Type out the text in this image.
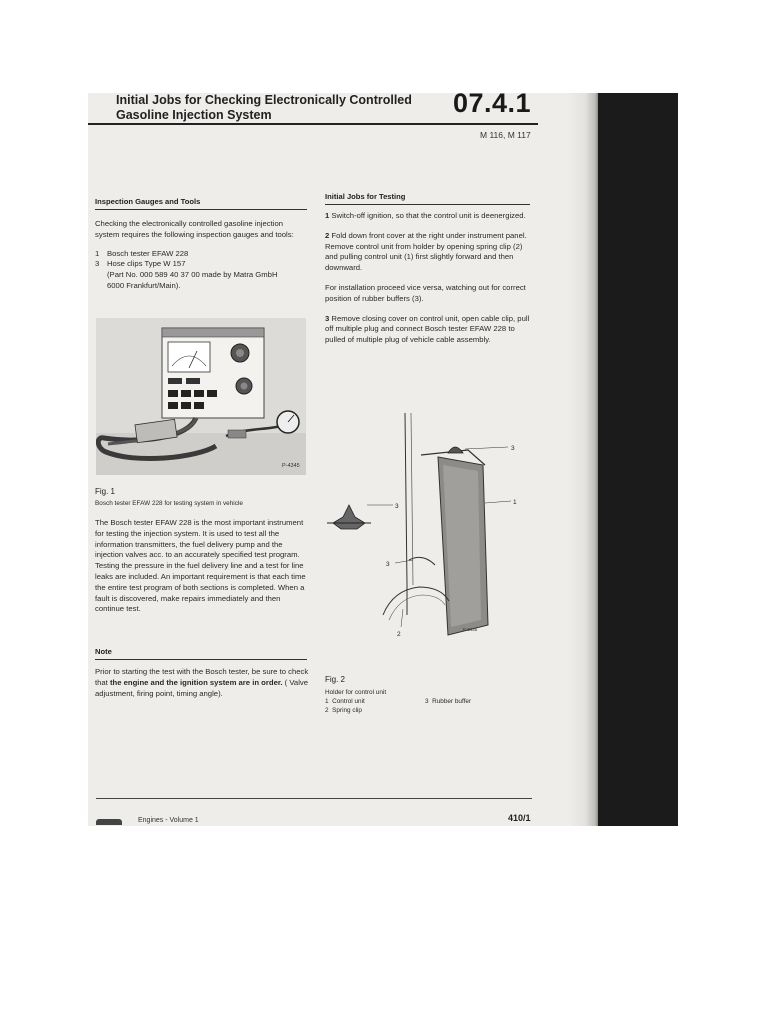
Initial Jobs for Checking Electronically Controlled
Gasoline Injection System	07.4.1
M 116, M 117
Inspection Gauges and Tools

Checking the electronically controlled gasoline injection system requires the following inspection gauges and tools:

1	Bosch tester EFAW 228
3	Hose clips Type W 157
(Part No. 000 589 40 37 00 made by Matra GmbH
6000 Frankfurt/Main).
P-4345
Fig. 1
Bosch tester EFAW 228 for testing system in vehicle
The Bosch tester EFAW 228 is the most important instrument for testing the injection system. It is used to test all the information transmitters, the fuel delivery pump and the injection valves acc. to an accurately specified test program. Testing the pressure in the fuel delivery line and a test for line leaks are included. An important requirement is that each time the entire test program of both sections is completed. When a fault is discovered, make repairs immediately and then continue test.
Note
Prior to starting the test with the Bosch tester, be sure to check that the engine and the ignition system are in order. ( Valve adjustment, firing point, timing angle).
Initial Jobs for Testing

1 Switch-off ignition, so that the control unit is deenergized.

2 Fold down front cover at the right under instrument panel. Remove control unit from holder by opening spring clip (2) and pulling control unit (1) first slightly forward and then downward.

For installation proceed vice versa, watching out for correct position of rubber buffers (3).

3 Remove closing cover on control unit, open cable clip, pull off multiple plug and connect Bosch tester EFAW 228 to pulled of multiple plug of vehicle cable assembly.

3
1
3
3
2
F-3435
Fig. 2
Holder for control unit
1 Control unit
2 Spring clip
3 Rubber buffer
Engines - Volume 1	410/1
